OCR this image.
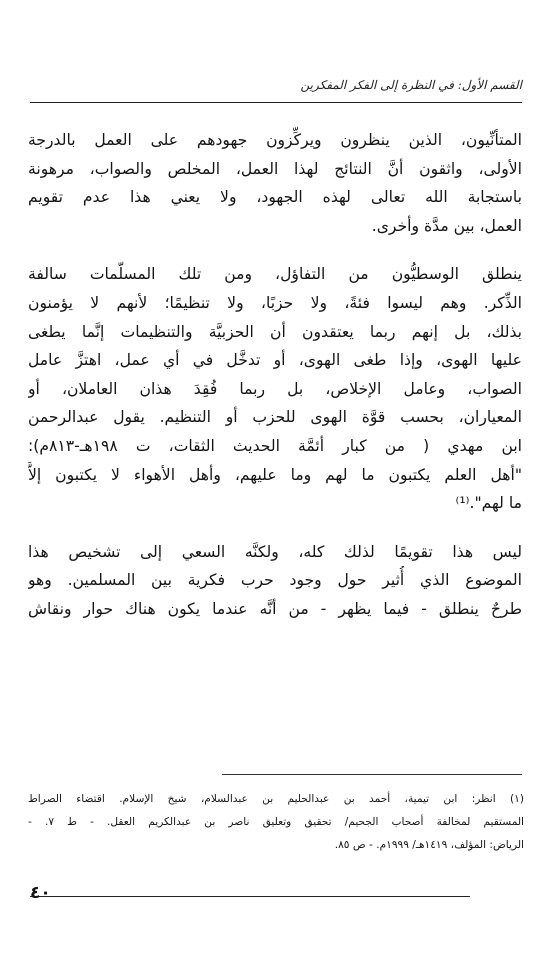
القسم الأول: في النظرة إلى الفكر المفكرين
المتأنِّيون، الذين ينظرون ويركِّزون جهودهم على العمل بالدرجة
الأولى، واثقون أنَّ النتائج لهذا العمل، المخلص والصواب، مرهونة
باستجابة الله تعالى لهذه الجهود، ولا يعني هذا عدم تقويم
العمل، بين مدَّة وأخرى.
ينطلق الوسطيُّون من التفاؤل، ومن تلك المسلّمات سالفة
الذِّكر. وهم ليسوا فئةً، ولا حزبًا، ولا تنظيمًا؛ لأنهم لا يؤمنون
بذلك، بل إنهم ربما يعتقدون أن الحزبيَّة والتنظيمات إنَّما يطغى
عليها الهوى، وإذا طغى الهوى، أو تدخَّل في أي عمل، اهتزَّ عامل
الصواب، وعامل الإخلاص، بل ربما فُقِدَ هذان العاملان، أو
المعياران، بحسب قوَّة الهوى للحزب أو التنظيم. يقول عبدالرحمن
ابن مهدي ( من كبار أئمَّة الحديث الثقات، ت ١٩٨هـ-٨١٣م):
"أهل العلم يكتبون ما لهم وما عليهم، وأهل الأهواء لا يكتبون إلاَّ
ما لهم".⁽¹⁾
ليس هذا تقويمًا لذلك كله، ولكنَّه السعي إلى تشخيص هذا
الموضوع الذي أُثير حول وجود حرب فكرية بين المسلمين. وهو
طرحٌ ينطلق - فيما يظهر - من أنَّه عندما يكون هناك حوار ونقاش
(١) انظر: ابن تيمية، أحمد بن عبدالحليم بن عبدالسلام، شيخ الإسلام. اقتضاء الصراط
المستقيم لمخالفة أصحاب الجحيم/ تحقيق وتعليق ناصر بن عبدالكريم العقل. - ط ٧. -
الرياض: المؤلف، ١٤١٩هـ/ ١٩٩٩م. - ص ٨٥.
٤٠
